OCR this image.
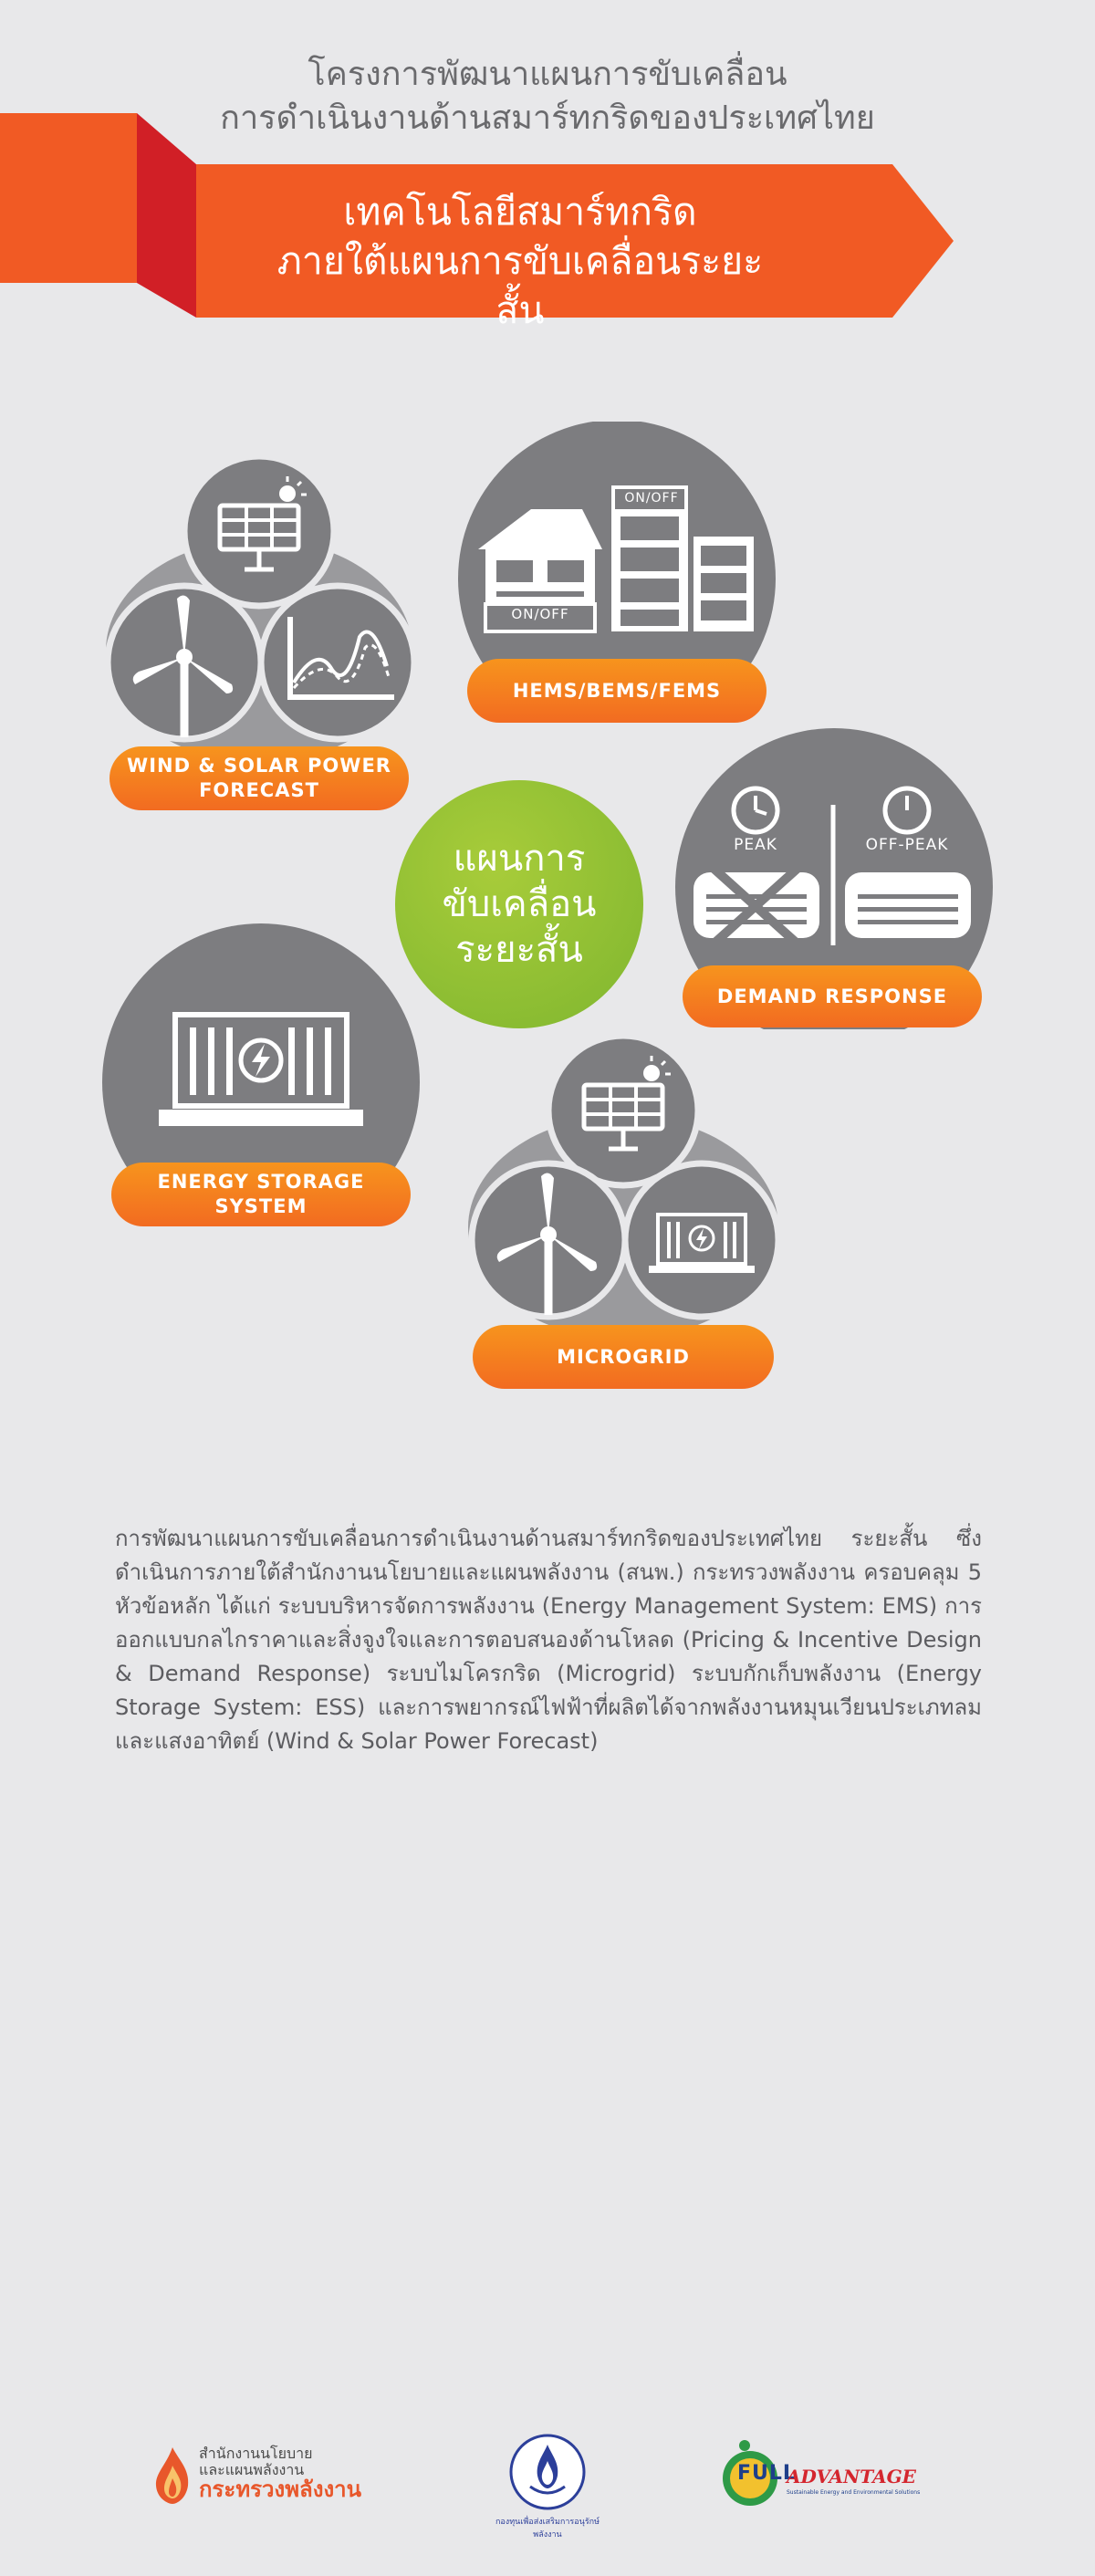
โครงการพัฒนาแผนการขับเคลื่อน
การดำเนินงานด้านสมาร์ทกริดของประเทศไทย
เทคโนโลยีสมาร์ทกริด
ภายใต้แผนการขับเคลื่อนระยะสั้น
WIND & SOLAR POWER
FORECAST
ON/OFF
ON/OFF
HEMS/BEMS/FEMS
แผนการ
ขับเคลื่อน
ระยะสั้น
PEAK	OFF-PEAK
DEMAND RESPONSE
ENERGY STORAGE
SYSTEM
MICROGRID
การพัฒนาแผนการขับเคลื่อนการดำเนินงานด้านสมาร์ทกริดของประเทศไทย ระยะสั้น ซึ่งดำเนินการภายใต้สำนักงานนโยบายและแผนพลังงาน (สนพ.) กระทรวงพลังงาน ครอบคลุม 5 หัวข้อหลัก ได้แก่ ระบบบริหารจัดการพลังงาน (Energy Management System: EMS) การออกแบบกลไกราคาและสิ่งจูงใจและการตอบสนองด้านโหลด (Pricing & Incentive Design & Demand Response) ระบบไมโครกริด (Microgrid) ระบบกักเก็บพลังงาน (Energy Storage System: ESS) และการพยากรณ์ไฟฟ้าที่ผลิตได้จากพลังงานหมุนเวียนประเภทลมและแสงอาทิตย์ (Wind & Solar Power Forecast)
สำนักงานนโยบาย
และแผนพลังงาน
กระทรวงพลังงาน
กองทุนเพื่อส่งเสริมการอนุรักษ์พลังงาน
FULL
ADVANTAGE
Sustainable Energy and Environmental Solutions
